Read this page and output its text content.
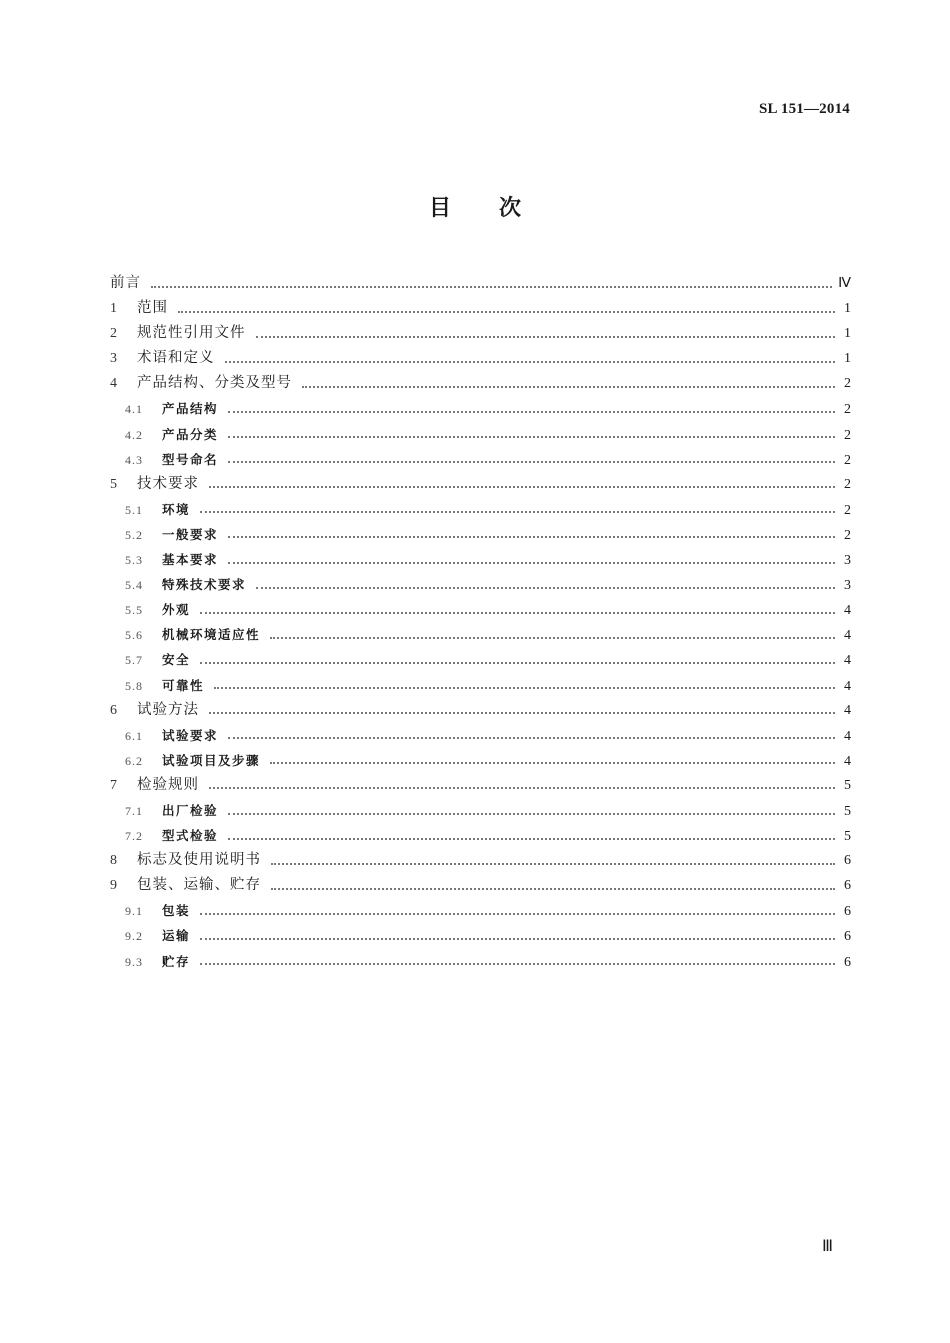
SL 151—2014
目次
前言	Ⅳ
1	范围	1
2	规范性引用文件	1
3	术语和定义	1
4	产品结构、分类及型号	2
4.1	产品结构	2
4.2	产品分类	2
4.3	型号命名	2
5	技术要求	2
5.1	环境	2
5.2	一般要求	2
5.3	基本要求	3
5.4	特殊技术要求	3
5.5	外观	4
5.6	机械环境适应性	4
5.7	安全	4
5.8	可靠性	4
6	试验方法	4
6.1	试验要求	4
6.2	试验项目及步骤	4
7	检验规则	5
7.1	出厂检验	5
7.2	型式检验	5
8	标志及使用说明书	6
9	包装、运输、贮存	6
9.1	包装	6
9.2	运输	6
9.3	贮存	6
Ⅲ
